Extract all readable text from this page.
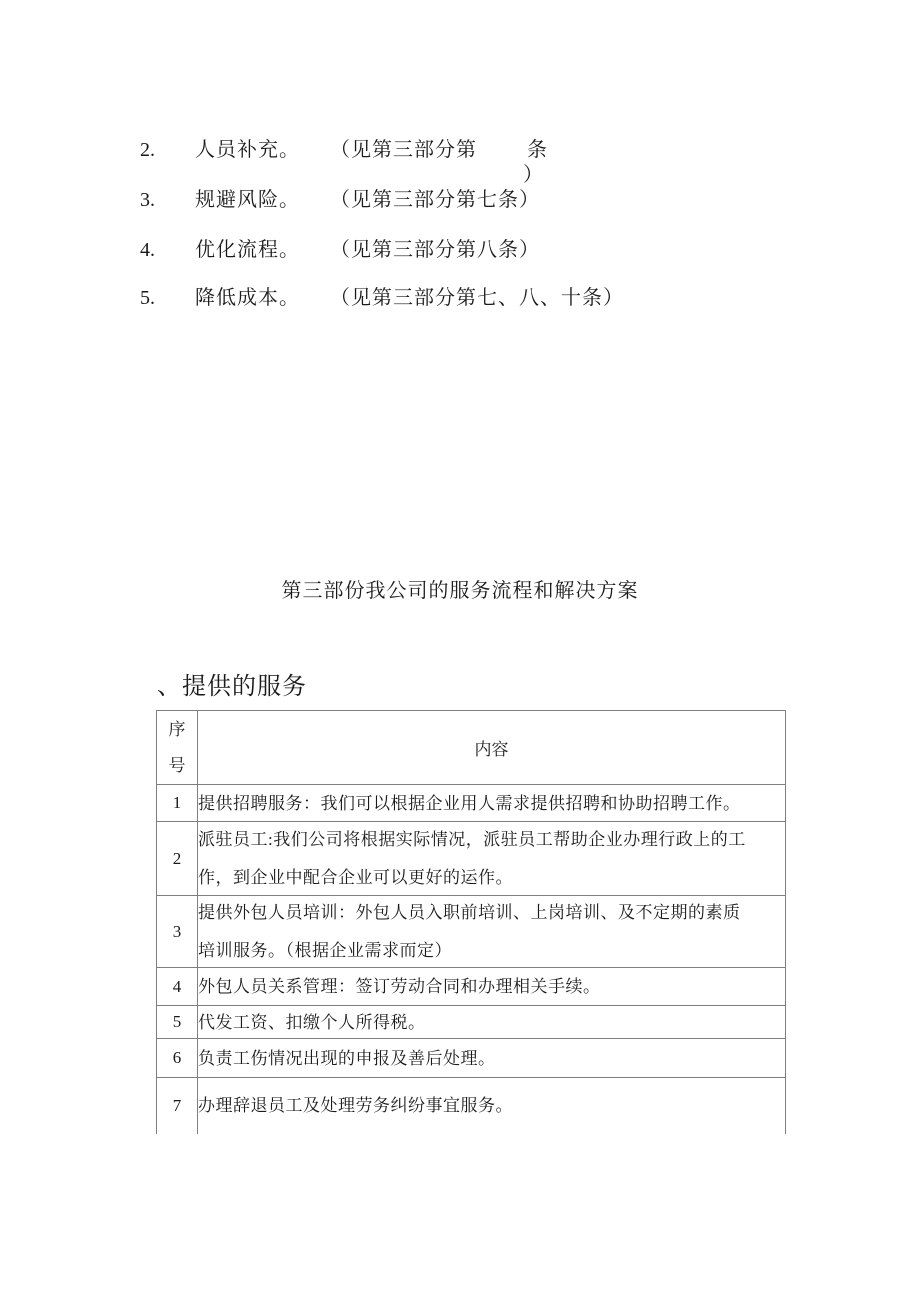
2.	人员补充。	（见第三部分第	条
）
3.	规避风险。	（见第三部分第七条）
4.	优化流程。	（见第三部分第八条）
5.	降低成本。	（见第三部分第七、八、十条）
第三部份我公司的服务流程和解决方案
、提供的服务
序
号	内容
1	提供招聘服务：我们可以根据企业用人需求提供招聘和协助招聘工作。

2	派驻员工:我们公司将根据实际情况，派驻员工帮助企业办理行政上的工

作，到企业中配合企业可以更好的运作。

3	提供外包人员培训：外包人员入职前培训、上岗培训、及不定期的素质

培训服务。（根据企业需求而定）

4	外包人员关系管理：签订劳动合同和办理相关手续。

5	代发工资、扣缴个人所得税。

6	负责工伤情况出现的申报及善后处理。

7	办理辞退员工及处理劳务纠纷事宜服务。
